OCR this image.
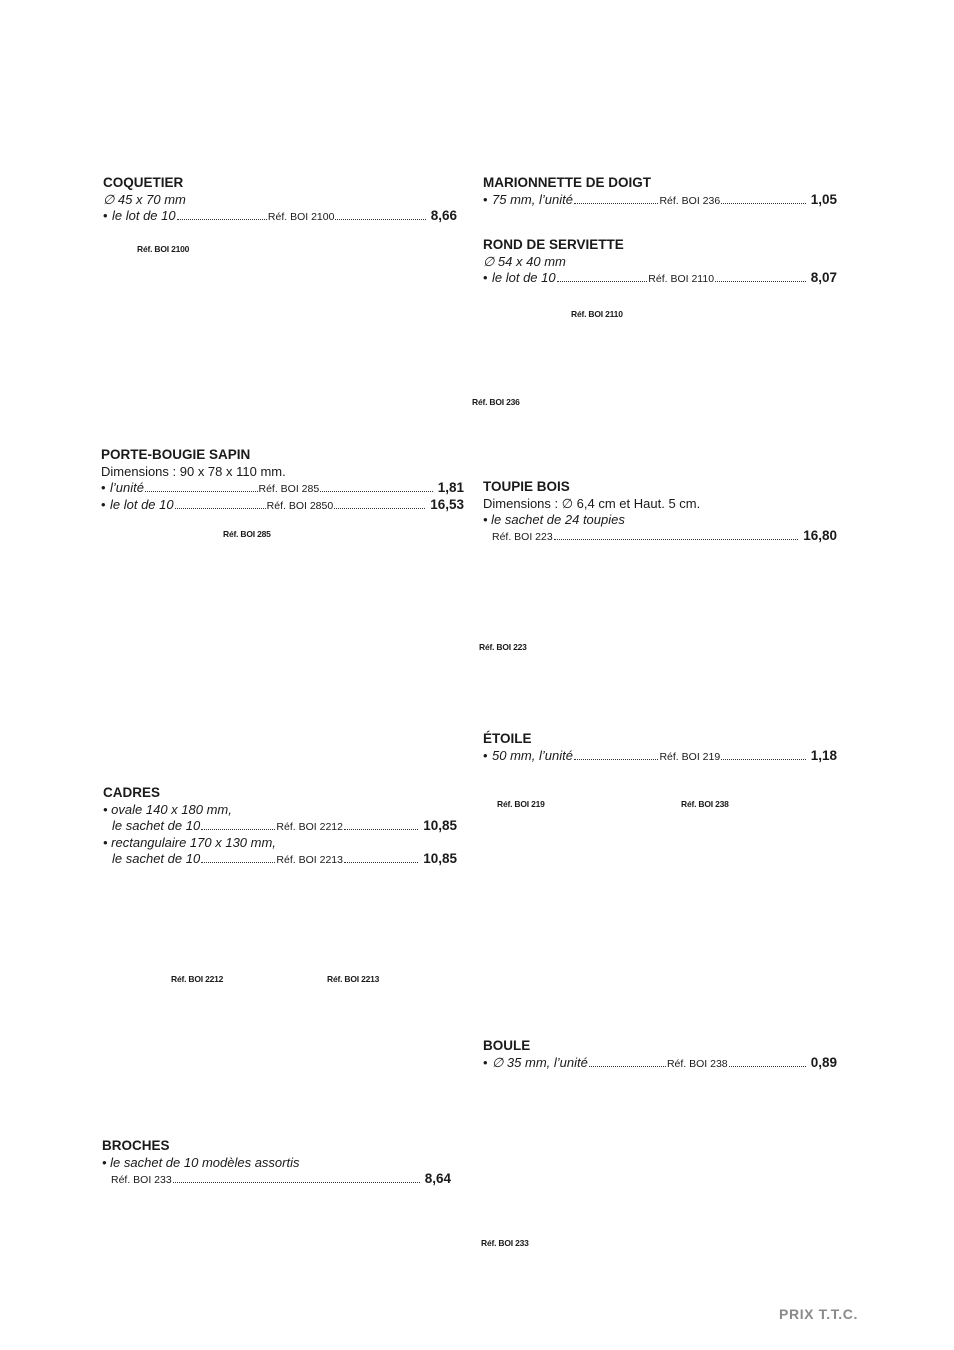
COQUETIER
∅ 45 x 70 mm
• le lot de 10	Réf. BOI 2100	8,66
Réf. BOI 2100
MARIONNETTE DE DOIGT
• 75 mm, l’unité	Réf. BOI 236	1,05
ROND DE SERVIETTE
∅ 54 x 40 mm
• le lot de 10	Réf. BOI 2110	8,07
Réf. BOI 2110
Réf. BOI 236
PORTE-BOUGIE SAPIN
Dimensions : 90 x 78 x 110 mm.
• l’unité	Réf. BOI 285	1,81
• le lot de 10	Réf. BOI 2850	16,53
Réf. BOI 285
TOUPIE BOIS
Dimensions : ∅ 6,4 cm et Haut. 5 cm.
• le sachet de 24 toupies
Réf. BOI 223	16,80
Réf. BOI 223
ÉTOILE
• 50 mm, l’unité	Réf. BOI 219	1,18
Réf. BOI 219	Réf. BOI 238
CADRES
• ovale 140 x 180 mm,
le sachet de 10	Réf. BOI 2212	10,85
• rectangulaire 170 x 130 mm,
le sachet de 10	Réf. BOI 2213	10,85
Réf. BOI 2212	Réf. BOI 2213
BOULE
• ∅ 35 mm, l’unité	Réf. BOI 238	0,89
BROCHES
• le sachet de 10 modèles assortis
Réf. BOI 233	8,64
Réf. BOI 233
PRIX T.T.C.
